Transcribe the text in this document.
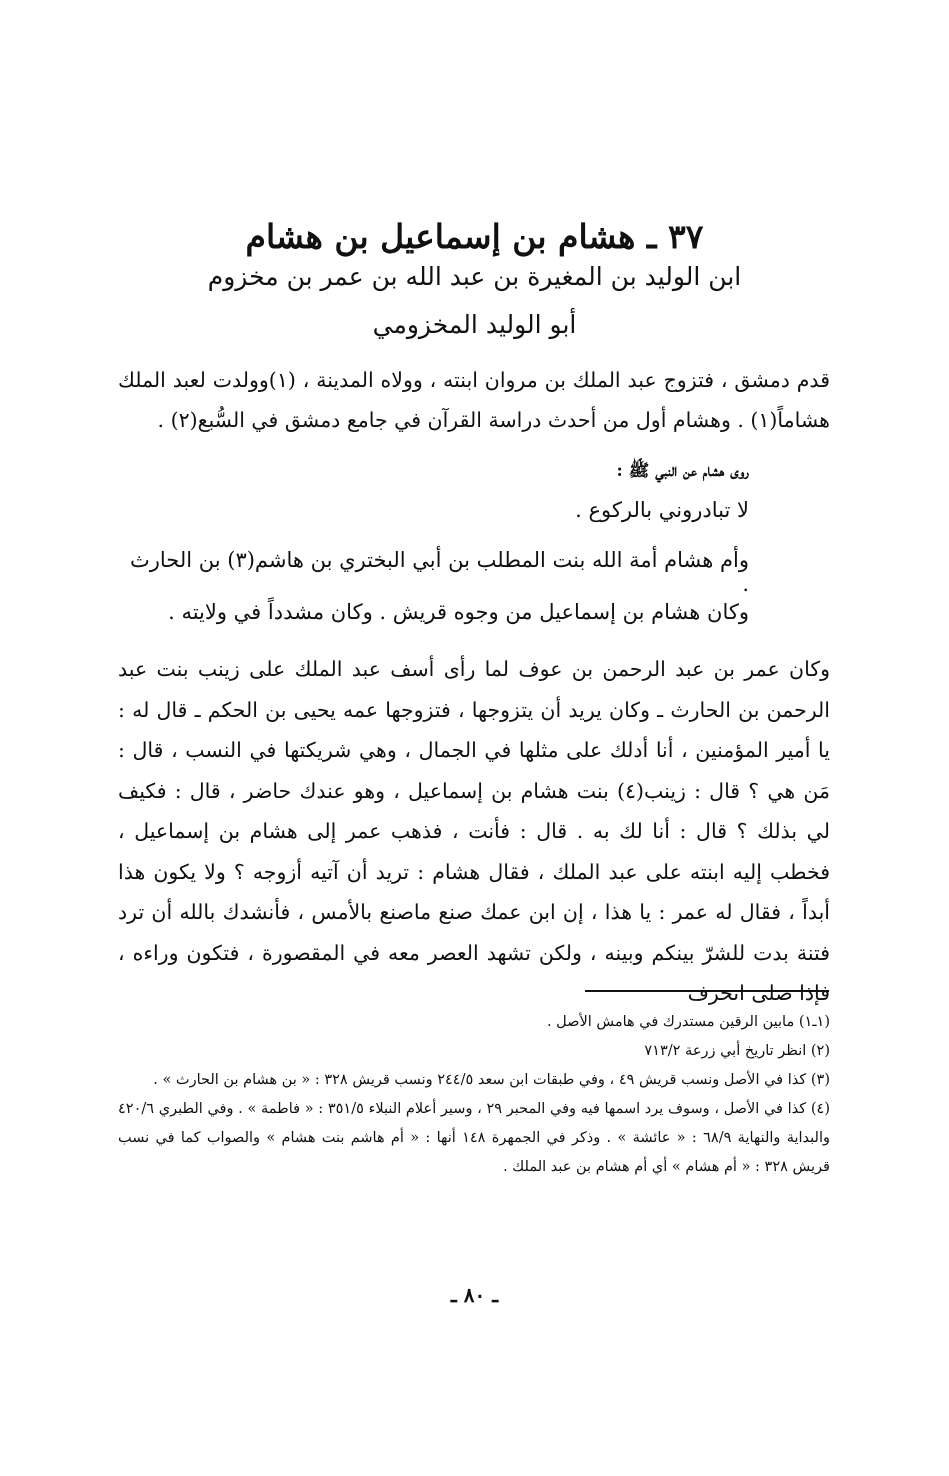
٣٧ ـ هشام بن إسماعيل بن هشام

ابن الوليد بن المغيرة بن عبد الله بن عمر بن مخزوم

أبو الوليد المخزومي

قدم دمشق ، فتزوج عبد الملك بن مروان ابنته ، وولاه المدينة ، (١)وولدت لعبد الملك هشاماً(١) . وهشام أول من أحدث دراسة القرآن في جامع دمشق في السُّبع(٢) .

روى هشام عن النبي ﷺ :

لا تبادروني بالركوع .

وأم هشام أمة الله بنت المطلب بن أبي البختري بن هاشم(٣) بن الحارث .

وكان هشام بن إسماعيل من وجوه قريش . وكان مشدداً في ولايته .

وكان عمر بن عبد الرحمن بن عوف لما رأى أسف عبد الملك على زينب بنت عبد الرحمن بن الحارث ـ وكان يريد أن يتزوجها ، فتزوجها عمه يحيى بن الحكم ـ قال له : يا أمير المؤمنين ، أنا أدلك على مثلها في الجمال ، وهي شريكتها في النسب ، قال : مَن هي ؟ قال : زينب(٤) بنت هشام بن إسماعيل ، وهو عندك حاضر ، قال : فكيف لي بذلك ؟ قال : أنا لك به . قال : فأنت ، فذهب عمر إلى هشام بن إسماعيل ، فخطب إليه ابنته على عبد الملك ، فقال هشام : تريد أن آتيه أزوجه ؟ ولا يكون هذا أبداً ، فقال له عمر : يا هذا ، إن ابن عمك صنع ماصنع بالأمس ، فأنشدك بالله أن ترد فتنة بدت للشرّ بينكم وبينه ، ولكن تشهد العصر معه في المقصورة ، فتكون وراءه ، فإذا صلى انحرف

(١ـ١) مابين الرقين مستدرك في هامش الأصل .

(٢) انظر تاريخ أبي زرعة ٧١٣/٢

(٣) كذا في الأصل ونسب قريش ٤٩ ، وفي طبقات ابن سعد ٢٤٤/٥ ونسب قريش ٣٢٨ : « بن هشام بن الحارث » .

(٤) كذا في الأصل ، وسوف يرد اسمها فيه وفي المحبر ٢٩ ، وسير أعلام النبلاء ٣٥١/٥ : « فاطمة » . وفي الطبري ٤٢٠/٦ والبداية والنهاية ٦٨/٩ : « عائشة » . وذكر في الجمهرة ١٤٨ أنها : « أم هاشم بنت هشام » والصواب كما في نسب قريش ٣٢٨ : « أم هشام » أي أم هشام بن عبد الملك .

ـ ٨٠ ـ
